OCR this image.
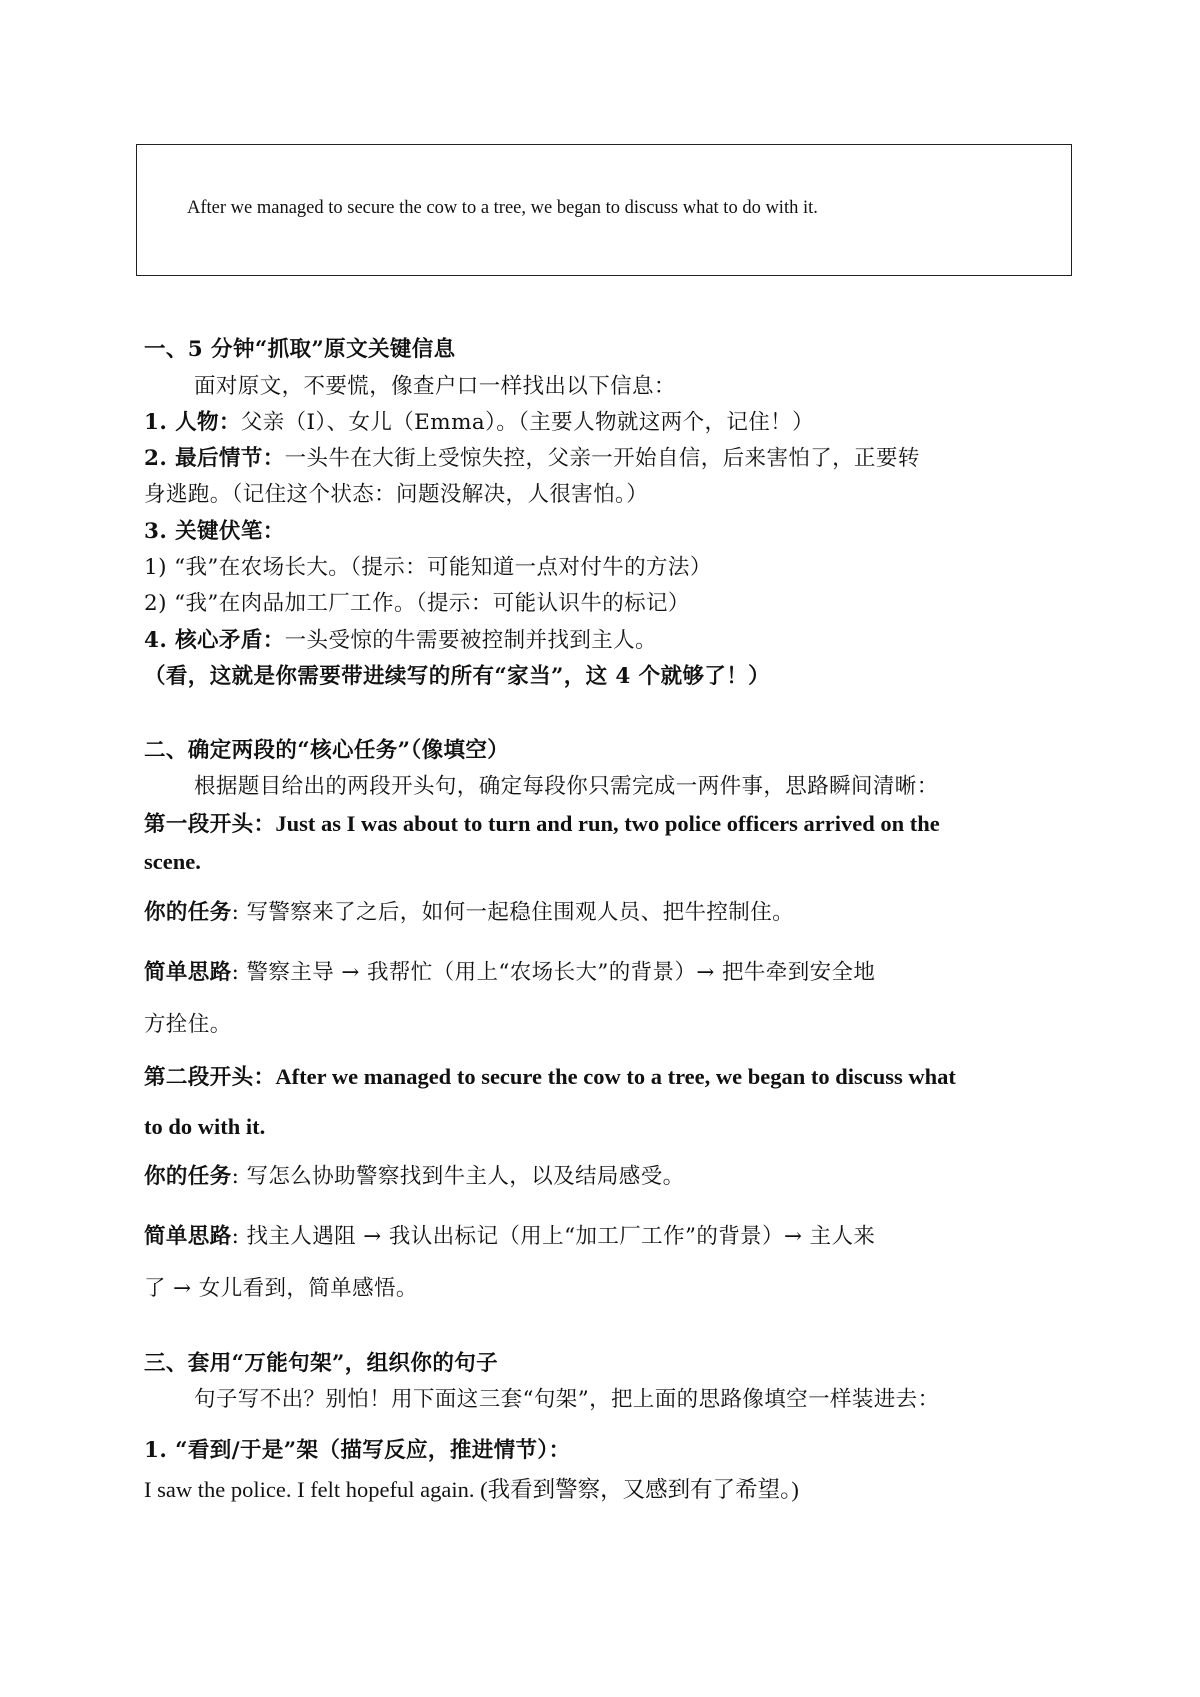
After we managed to secure the cow to a tree, we began to discuss what to do with it.
一、5 分钟“抓取”原文关键信息
面对原文，不要慌，像查户口一样找出以下信息：
1. 人物：父亲（I）、女儿（Emma）。（主要人物就这两个，记住！）
2. 最后情节：一头牛在大街上受惊失控，父亲一开始自信，后来害怕了，正要转
身逃跑。（记住这个状态：问题没解决，人很害怕。）
3. 关键伏笔：
1) “我”在农场长大。（提示：可能知道一点对付牛的方法）
2) “我”在肉品加工厂工作。（提示：可能认识牛的标记）
4. 核心矛盾：一头受惊的牛需要被控制并找到主人。
（看，这就是你需要带进续写的所有“家当”，这 4 个就够了！）
二、确定两段的“核心任务”（像填空）
根据题目给出的两段开头句，确定每段你只需完成一两件事，思路瞬间清晰：
第一段开头：Just as I was about to turn and run, two police officers arrived on the
scene.
你的任务: 写警察来了之后，如何一起稳住围观人员、把牛控制住。
简单思路: 警察主导 → 我帮忙（用上“农场长大”的背景）→ 把牛牵到安全地
方拴住。
第二段开头：After we managed to secure the cow to a tree, we began to discuss what
to do with it.
你的任务: 写怎么协助警察找到牛主人，以及结局感受。
简单思路: 找主人遇阻 → 我认出标记（用上“加工厂工作”的背景）→ 主人来
了 → 女儿看到，简单感悟。
三、套用“万能句架”，组织你的句子
句子写不出？别怕！用下面这三套“句架”，把上面的思路像填空一样装进去：
1. “看到/于是”架（描写反应，推进情节）：
I saw the police. I felt hopeful again. (我看到警察，又感到有了希望。)
